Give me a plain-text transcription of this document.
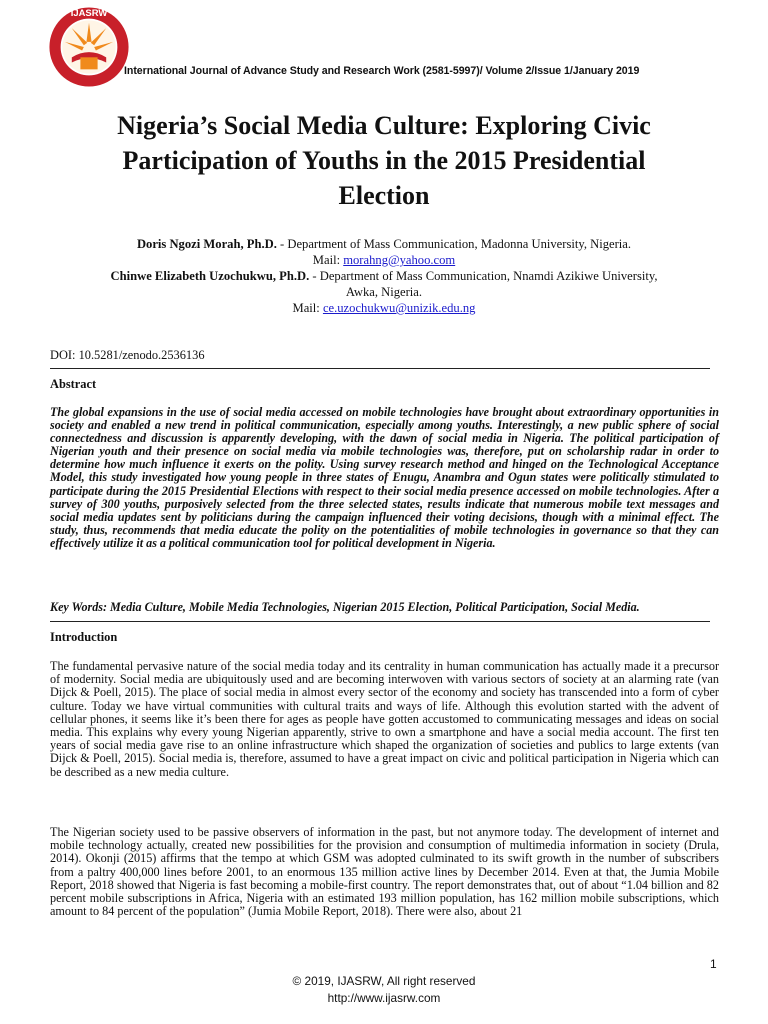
IJASRW
International Journal of Advance Study and Research Work (2581-5997)/ Volume 2/Issue 1/January 2019
Nigeria’s Social Media Culture: Exploring Civic
Participation of Youths in the 2015 Presidential
Election
Doris Ngozi Morah, Ph.D. - Department of Mass Communication, Madonna University, Nigeria.
Mail: morahng@yahoo.com
Chinwe Elizabeth Uzochukwu, Ph.D. - Department of Mass Communication, Nnamdi Azikiwe University,
Awka, Nigeria.
Mail: ce.uzochukwu@unizik.edu.ng
DOI: 10.5281/zenodo.2536136
Abstract
The global expansions in the use of social media accessed on mobile technologies have brought about extraordinary opportunities in society and enabled a new trend in political communication, especially among youths. Interestingly, a new public sphere of social connectedness and discussion is apparently developing, with the dawn of social media in Nigeria. The political participation of Nigerian youth and their presence on social media via mobile technologies was, therefore, put on scholarship radar in order to determine how much influence it exerts on the polity. Using survey research method and hinged on the Technological Acceptance Model, this study investigated how young people in three states of Enugu, Anambra and Ogun states were politically stimulated to participate during the 2015 Presidential Elections with respect to their social media presence accessed on mobile technologies. After a survey of 300 youths, purposively selected from the three selected states, results indicate that numerous mobile text messages and social media updates sent by politicians during the campaign influenced their voting decisions, though with a minimal effect. The study, thus, recommends that media educate the polity on the potentialities of mobile technologies in governance so that they can effectively utilize it as a political communication tool for political development in Nigeria.
Key Words: Media Culture, Mobile Media Technologies, Nigerian 2015 Election, Political Participation, Social Media.
Introduction
The fundamental pervasive nature of the social media today and its centrality in human communication has actually made it a precursor of modernity. Social media are ubiquitously used and are becoming interwoven with various sectors of society at an alarming rate (van Dijck & Poell, 2015). The place of social media in almost every sector of the economy and society has transcended into a form of cyber culture. Today we have virtual communities with cultural traits and ways of life. Although this evolution started with the advent of cellular phones, it seems like it’s been there for ages as people have gotten accustomed to communicating messages and ideas on social media. This explains why every young Nigerian apparently, strive to own a smartphone and have a social media account. The first ten years of social media gave rise to an online infrastructure which shaped the organization of societies and publics to large extents (van Dijck & Poell, 2015). Social media is, therefore, assumed to have a great impact on civic and political participation in Nigeria which can be described as a new media culture.
The Nigerian society used to be passive observers of information in the past, but not anymore today. The development of internet and mobile technology actually, created new possibilities for the provision and consumption of multimedia information in society (Drula, 2014). Okonji (2015) affirms that the tempo at which GSM was adopted culminated to its swift growth in the number of subscribers from a paltry 400,000 lines before 2001, to an enormous 135 million active lines by December 2014. Even at that, the Jumia Mobile Report, 2018 showed that Nigeria is fast becoming a mobile-first country. The report demonstrates that, out of about “1.04 billion and 82 percent mobile subscriptions in Africa, Nigeria with an estimated 193 million population, has 162 million mobile subscriptions, which amount to 84 percent of the population” (Jumia Mobile Report, 2018). There were also, about 21
1
© 2019, IJASRW, All right reserved
http://www.ijasrw.com
